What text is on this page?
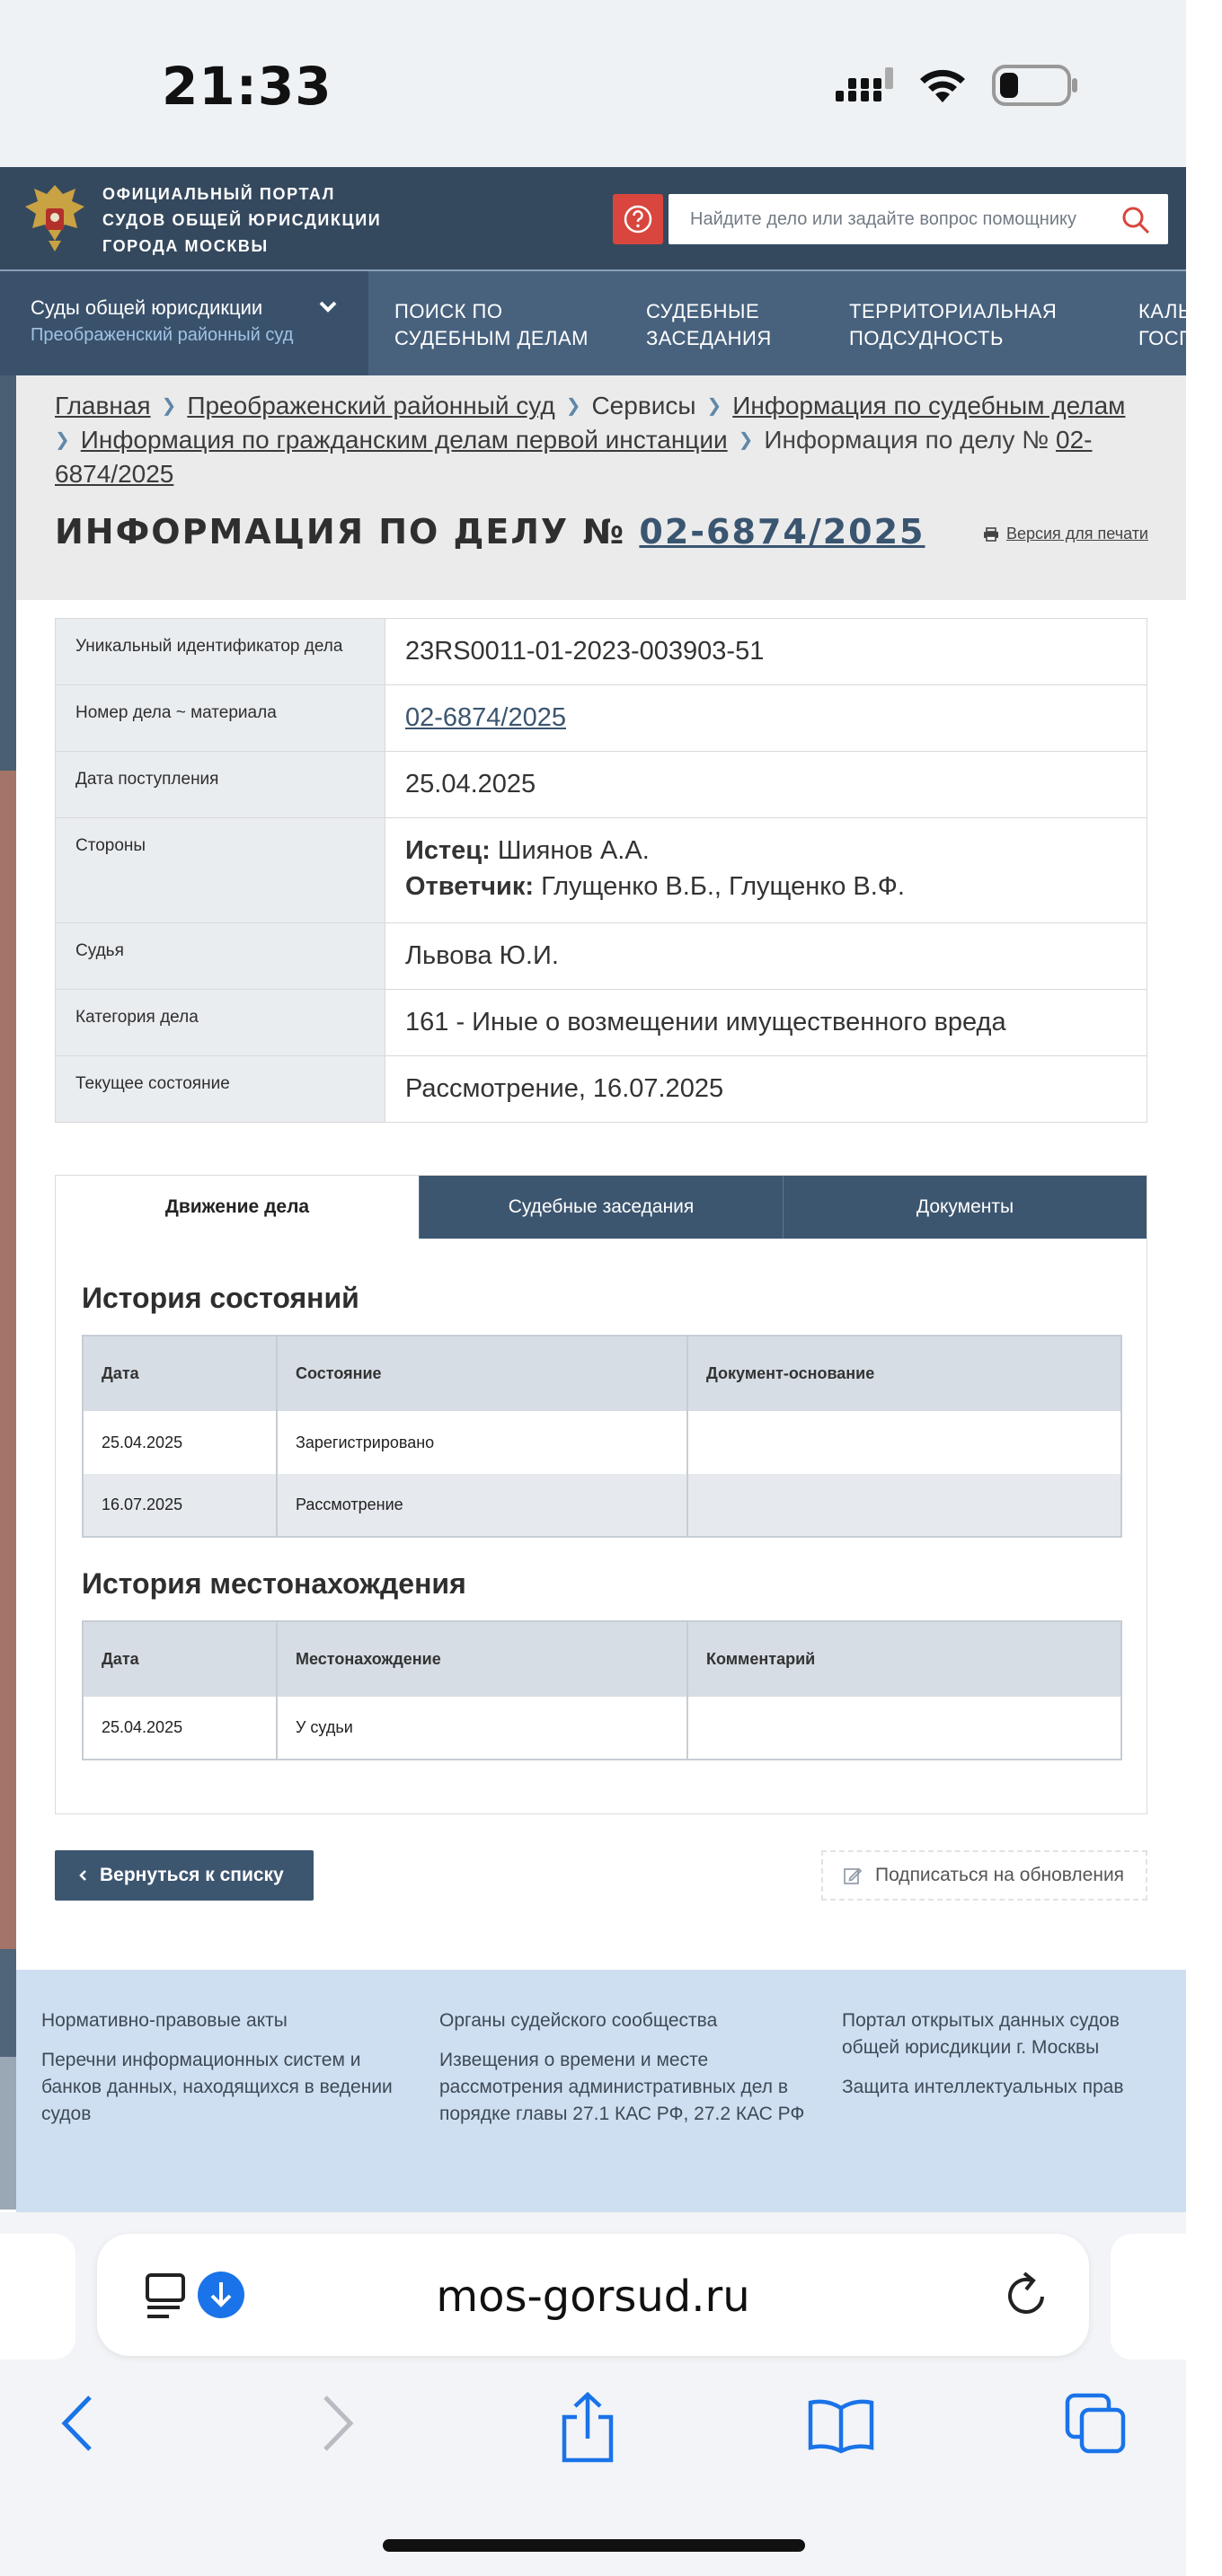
21:33
ОФИЦИАЛЬНЫЙ ПОРТАЛ СУДОВ ОБЩЕЙ ЮРИСДИКЦИИ ГОРОДА МОСКВЫ
Найдите дело или задайте вопрос помощнику
Суды общей юрисдикции
Преображенский районный суд
ПОИСК ПО СУДЕБНЫМ ДЕЛАМ
СУДЕБНЫЕ ЗАСЕДАНИЯ
ТЕРРИТОРИАЛЬНАЯ ПОДСУДНОСТЬ
КАЛЬК ГОСПО
Главная ❯ Преображенский районный суд ❯ Сервисы ❯ Информация по судебным делам
❯ Информация по гражданским делам первой инстанции ❯ Информация по делу № 02-6874/2025
ИНФОРМАЦИЯ ПО ДЕЛУ № 02-6874/2025	Версия для печати
Уникальный идентификатор дела	23RS0011-01-2023-003903-51
Номер дела ~ материала	02-6874/2025
Дата поступления	25.04.2025
Стороны	Истец: Шиянов А.А.
Ответчик: Глущенко В.Б., Глущенко В.Ф.
Судья	Львова Ю.И.
Категория дела	161 - Иные о возмещении имущественного вреда
Текущее состояние	Рассмотрение, 16.07.2025
Движение дела	Судебные заседания	Документы
История состояний
Дата	Состояние	Документ-основание
25.04.2025	Зарегистрировано	
16.07.2025	Рассмотрение	
История местонахождения
Дата	Местонахождение	Комментарий
25.04.2025	У судьи	
Вернуться к списку	Подписаться на обновления
Нормативно-правовые акты
Перечни информационных систем и банков данных, находящихся в ведении судов
Органы судейского сообщества
Извещения о времени и месте рассмотрения административных дел в порядке главы 27.1 КАС РФ, 27.2 КАС РФ
Портал открытых данных судов общей юрисдикции г. Москвы
Защита интеллектуальных прав
mos-gorsud.ru
